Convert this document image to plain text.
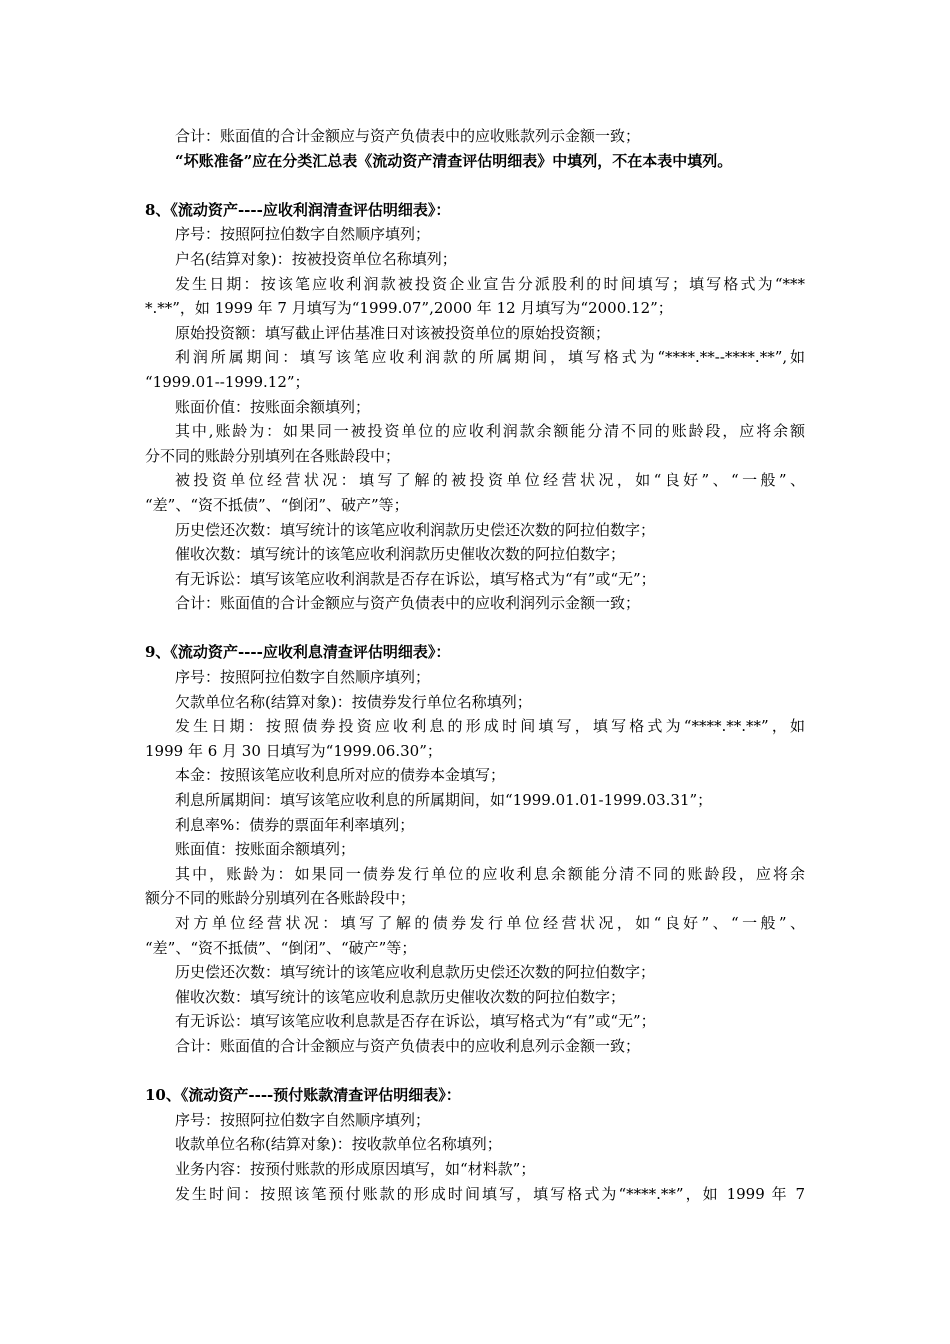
合计：账面值的合计金额应与资产负债表中的应收账款列示金额一致；
“坏账准备”应在分类汇总表《流动资产清查评估明细表》中填列，不在本表中填列。
8、《流动资产----应收利润清查评估明细表》：
序号：按照阿拉伯数字自然顺序填列；
户名(结算对象)：按被投资单位名称填列；
发生日期：按该笔应收利润款被投资企业宣告分派股利的时间填写；填写格式为“***
*.**”，如 1999 年 7 月填写为“1999.07”,2000 年 12 月填写为“2000.12”；
原始投资额：填写截止评估基准日对该被投资单位的原始投资额；
利润所属期间：填写该笔应收利润款的所属期间，填写格式为“****.**--****.**”,如
“1999.01--1999.12”；
账面价值：按账面余额填列；
其中,账龄为：如果同一被投资单位的应收利润款余额能分清不同的账龄段，应将余额
分不同的账龄分别填列在各账龄段中；
被投资单位经营状况：填写了解的被投资单位经营状况，如“良好”、“一般”、
“差”、“资不抵债”、“倒闭”、破产”等；
历史偿还次数：填写统计的该笔应收利润款历史偿还次数的阿拉伯数字；
催收次数：填写统计的该笔应收利润款历史催收次数的阿拉伯数字；
有无诉讼：填写该笔应收利润款是否存在诉讼，填写格式为“有”或“无”；
合计：账面值的合计金额应与资产负债表中的应收利润列示金额一致；
9、《流动资产----应收利息清查评估明细表》：
序号：按照阿拉伯数字自然顺序填列；
欠款单位名称(结算对象)：按债券发行单位名称填列；
发生日期：按照债券投资应收利息的形成时间填写，填写格式为“****.**.**”，如
1999 年 6 月 30 日填写为“1999.06.30”；
本金：按照该笔应收利息所对应的债券本金填写；
利息所属期间：填写该笔应收利息的所属期间，如“1999.01.01-1999.03.31”；
利息率%：债券的票面年利率填列；
账面值：按账面余额填列；
其中，账龄为：如果同一债券发行单位的应收利息余额能分清不同的账龄段，应将余
额分不同的账龄分别填列在各账龄段中；
对方单位经营状况：填写了解的债券发行单位经营状况，如“良好”、“一般”、
“差”、“资不抵债”、“倒闭”、“破产”等；
历史偿还次数：填写统计的该笔应收利息款历史偿还次数的阿拉伯数字；
催收次数：填写统计的该笔应收利息款历史催收次数的阿拉伯数字；
有无诉讼：填写该笔应收利息款是否存在诉讼，填写格式为“有”或“无”；
合计：账面值的合计金额应与资产负债表中的应收利息列示金额一致；
10、《流动资产----预付账款清查评估明细表》：
序号：按照阿拉伯数字自然顺序填列；
收款单位名称(结算对象)：按收款单位名称填列；
业务内容：按预付账款的形成原因填写，如“材料款”；
发生时间：按照该笔预付账款的形成时间填写，填写格式为“****.**”，如 1999 年 7
